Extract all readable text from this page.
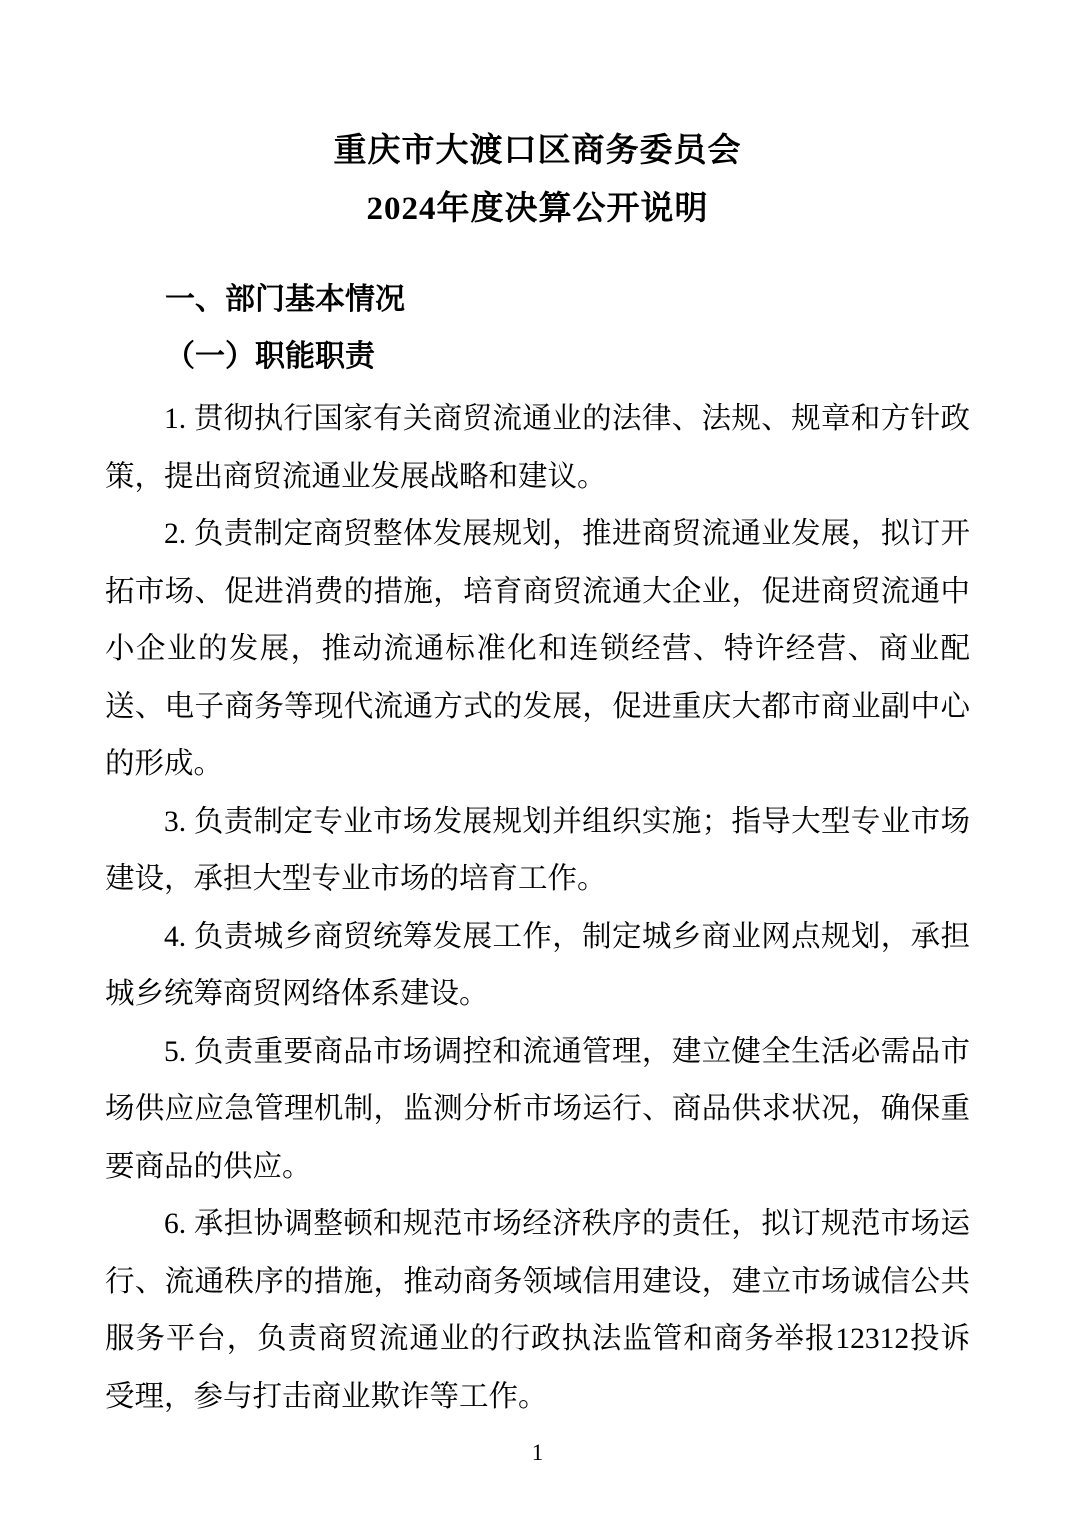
重庆市大渡口区商务委员会
2024年度决算公开说明
一、部门基本情况
（一）职能职责

1. 贯彻执行国家有关商贸流通业的法律、法规、规章和方针政策，提出商贸流通业发展战略和建议。

2. 负责制定商贸整体发展规划，推进商贸流通业发展，拟订开拓市场、促进消费的措施，培育商贸流通大企业，促进商贸流通中小企业的发展，推动流通标准化和连锁经营、特许经营、商业配送、电子商务等现代流通方式的发展，促进重庆大都市商业副中心的形成。

3. 负责制定专业市场发展规划并组织实施；指导大型专业市场建设，承担大型专业市场的培育工作。

4. 负责城乡商贸统筹发展工作，制定城乡商业网点规划，承担城乡统筹商贸网络体系建设。

5. 负责重要商品市场调控和流通管理，建立健全生活必需品市场供应应急管理机制，监测分析市场运行、商品供求状况，确保重要商品的供应。

6. 承担协调整顿和规范市场经济秩序的责任，拟订规范市场运行、流通秩序的措施，推动商务领域信用建设，建立市场诚信公共服务平台，负责商贸流通业的行政执法监管和商务举报12312投诉受理，参与打击商业欺诈等工作。

1
